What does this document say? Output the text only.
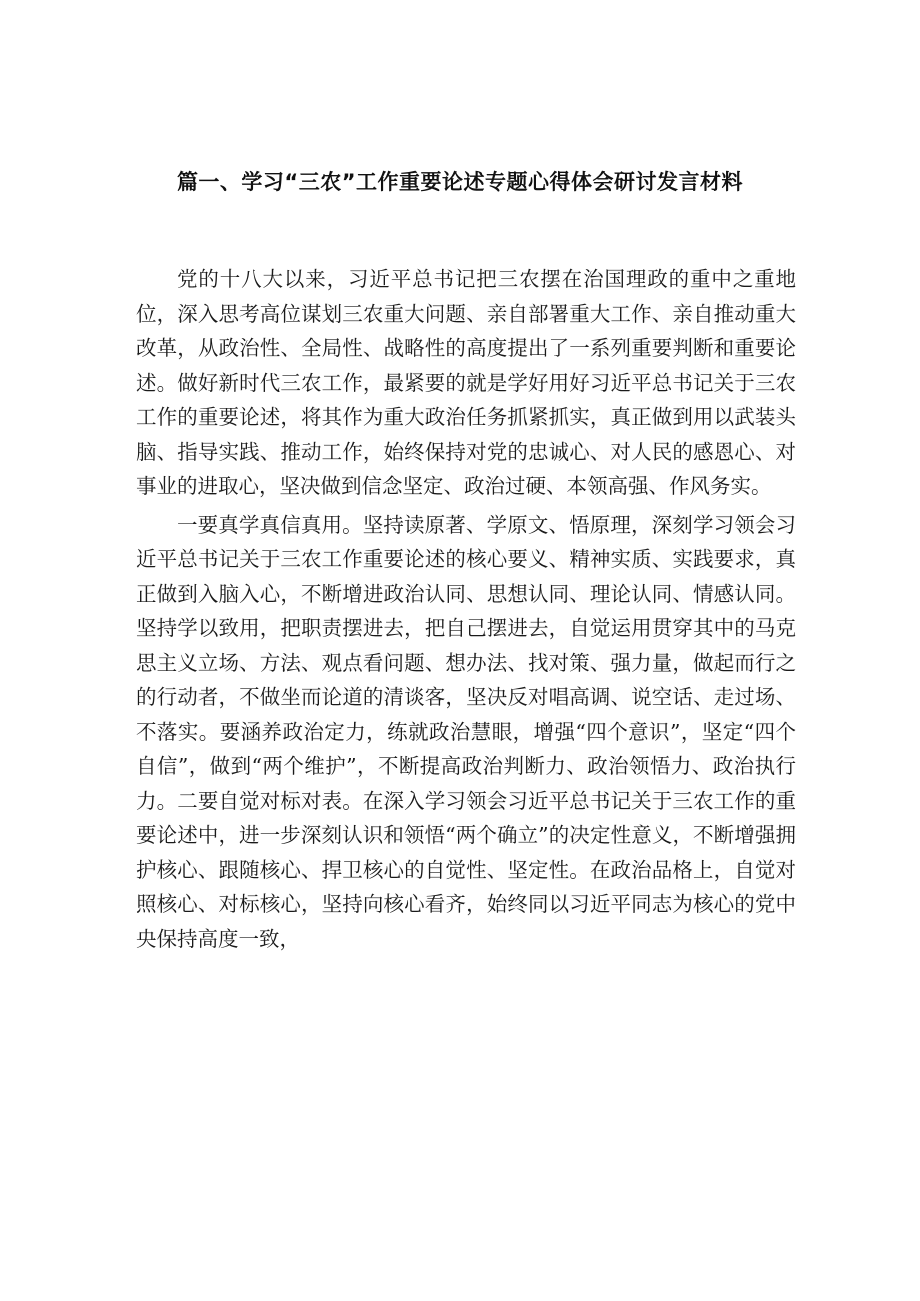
篇一、学习“三农”工作重要论述专题心得体会研讨发言材料

党的十八大以来，习近平总书记把三农摆在治国理政的重中之重地位，深入思考高位谋划三农重大问题、亲自部署重大工作、亲自推动重大改革，从政治性、全局性、战略性的高度提出了一系列重要判断和重要论述。做好新时代三农工作，最紧要的就是学好用好习近平总书记关于三农工作的重要论述，将其作为重大政治任务抓紧抓实，真正做到用以武装头脑、指导实践、推动工作，始终保持对党的忠诚心、对人民的感恩心、对事业的进取心，坚决做到信念坚定、政治过硬、本领高强、作风务实。

一要真学真信真用。坚持读原著、学原文、悟原理，深刻学习领会习近平总书记关于三农工作重要论述的核心要义、精神实质、实践要求，真正做到入脑入心，不断增进政治认同、思想认同、理论认同、情感认同。坚持学以致用，把职责摆进去，把自己摆进去，自觉运用贯穿其中的马克思主义立场、方法、观点看问题、想办法、找对策、强力量，做起而行之的行动者，不做坐而论道的清谈客，坚决反对唱高调、说空话、走过场、不落实。要涵养政治定力，练就政治慧眼，增强“四个意识”，坚定“四个自信”，做到“两个维护”，不断提高政治判断力、政治领悟力、政治执行力。二要自觉对标对表。在深入学习领会习近平总书记关于三农工作的重要论述中，进一步深刻认识和领悟“两个确立”的决定性意义，不断增强拥护核心、跟随核心、捍卫核心的自觉性、坚定性。在政治品格上，自觉对照核心、对标核心，坚持向核心看齐，始终同以习近平同志为核心的党中央保持高度一致，
